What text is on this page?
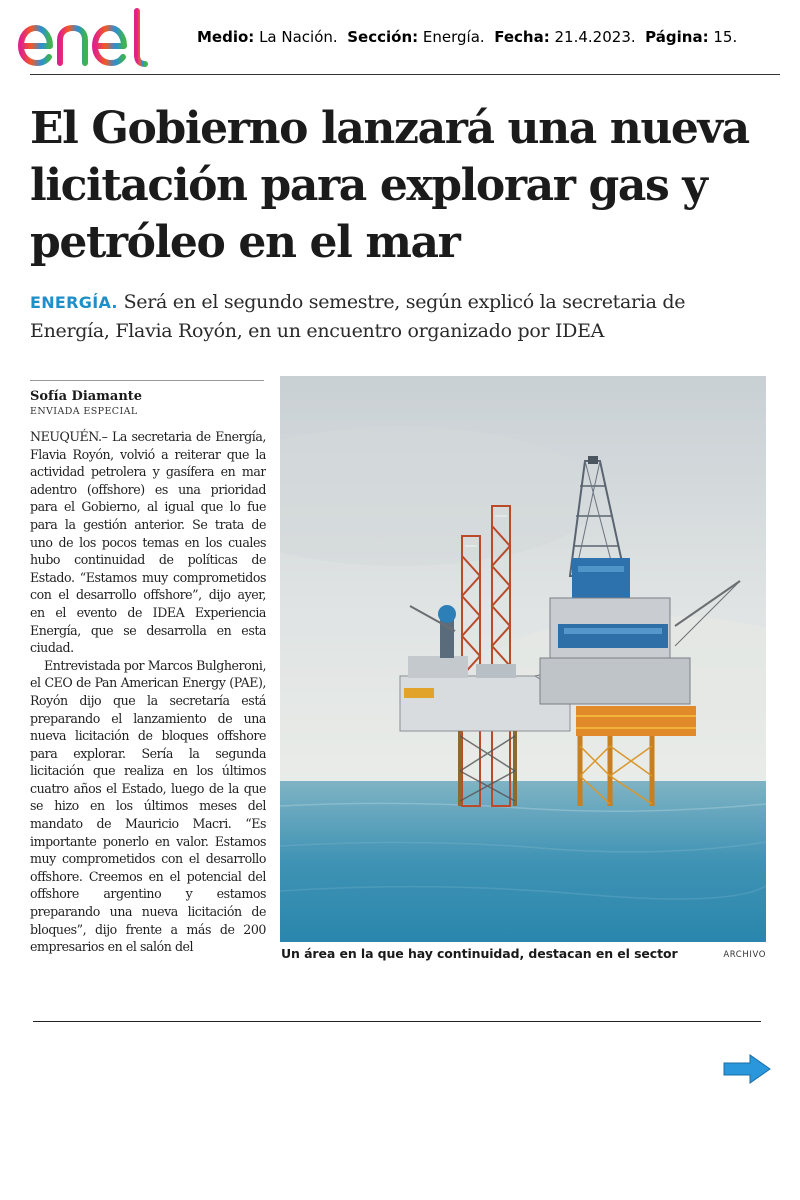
Medio: La Nación. Sección: Energía. Fecha: 21.4.2023. Página: 15.
El Gobierno lanzará una nueva licitación para explorar gas y petróleo en el mar

ENERGÍA. Será en el segundo semestre, según explicó la secretaria de Energía, Flavia Royón, en un encuentro organizado por IDEA

Sofía Diamante
ENVIADA ESPECIAL

NEUQUÉN.– La secretaria de Energía, Flavia Royón, volvió a reiterar que la actividad petrolera y gasífera en mar adentro (offshore) es una prioridad para el Gobierno, al igual que lo fue para la gestión anterior. Se trata de uno de los pocos temas en los cuales hubo continuidad de políticas de Estado. “Estamos muy comprometidos con el desarrollo offshore”, dijo ayer, en el evento de IDEA Experiencia Energía, que se desarrolla en esta ciudad.

Entrevistada por Marcos Bulgheroni, el CEO de Pan American Energy (PAE), Royón dijo que la secretaría está preparando el lanzamiento de una nueva licitación de bloques offshore para explorar. Sería la segunda licitación que realiza en los últimos cuatro años el Estado, luego de la que se hizo en los últimos meses del mandato de Mauricio Macri. “Es importante ponerlo en valor. Estamos muy comprometidos con el desarrollo offshore. Creemos en el potencial del offshore argentino y estamos preparando una nueva licitación de bloques”, dijo frente a más de 200 empresarios en el salón del	Un área en la que hay continuidad, destacan en el sector	ARCHIVO
